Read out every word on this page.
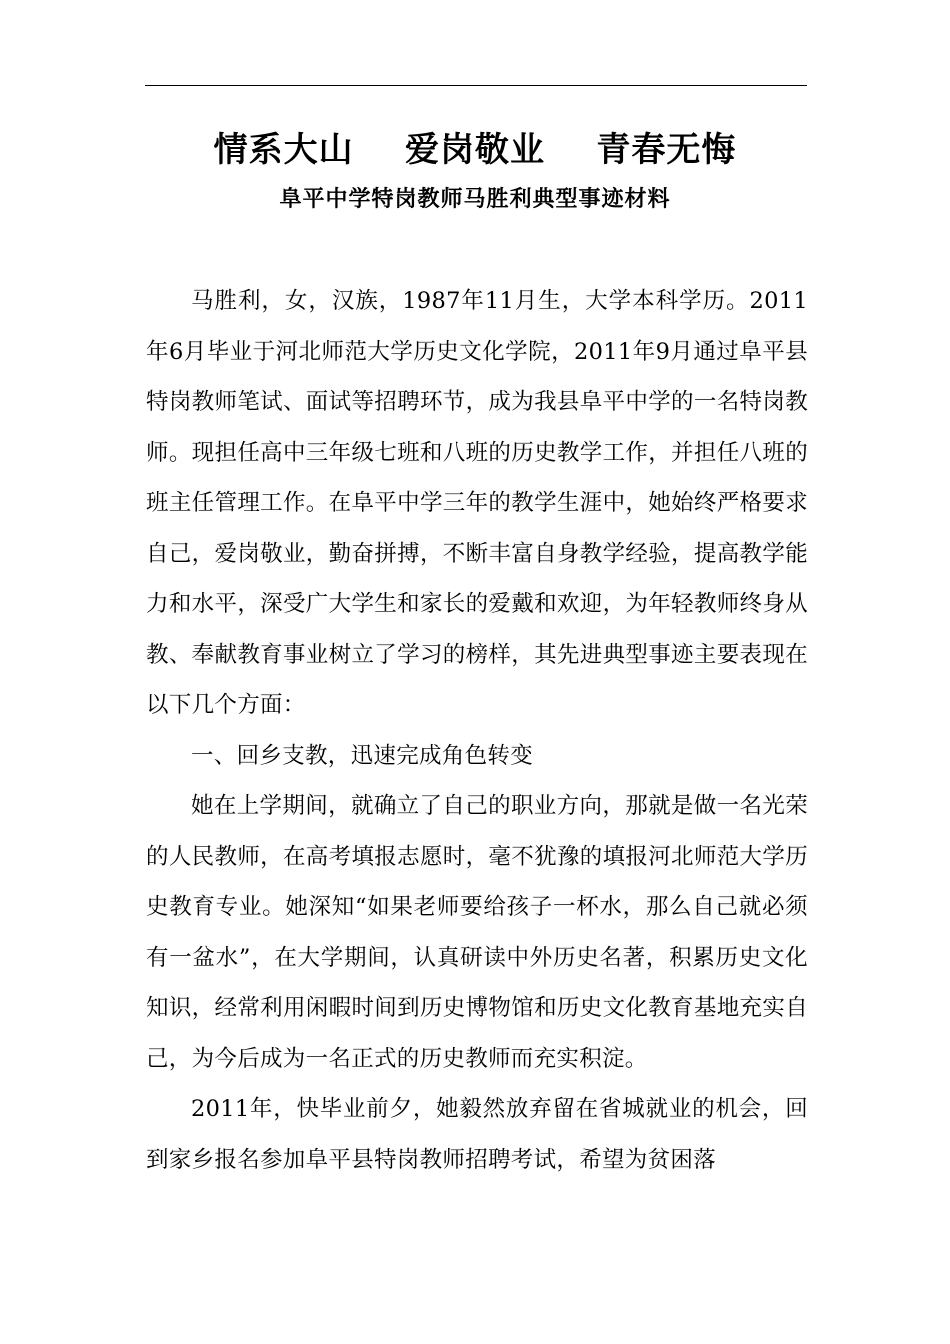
情系大山    爱岗敬业    青春无悔
阜平中学特岗教师马胜利典型事迹材料

马胜利，女，汉族，1987年11月生，大学本科学历。2011年6月毕业于河北师范大学历史文化学院，2011年9月通过阜平县特岗教师笔试、面试等招聘环节，成为我县阜平中学的一名特岗教师。现担任高中三年级七班和八班的历史教学工作，并担任八班的班主任管理工作。在阜平中学三年的教学生涯中，她始终严格要求自己，爱岗敬业，勤奋拼搏，不断丰富自身教学经验，提高教学能力和水平，深受广大学生和家长的爱戴和欢迎，为年轻教师终身从教、奉献教育事业树立了学习的榜样，其先进典型事迹主要表现在以下几个方面：

一、回乡支教，迅速完成角色转变

她在上学期间，就确立了自己的职业方向，那就是做一名光荣的人民教师，在高考填报志愿时，毫不犹豫的填报河北师范大学历史教育专业。她深知“如果老师要给孩子一杯水，那么自己就必须有一盆水”，在大学期间，认真研读中外历史名著，积累历史文化知识，经常利用闲暇时间到历史博物馆和历史文化教育基地充实自己，为今后成为一名正式的历史教师而充实积淀。

2011年，快毕业前夕，她毅然放弃留在省城就业的机会，回到家乡报名参加阜平县特岗教师招聘考试，希望为贫困落
